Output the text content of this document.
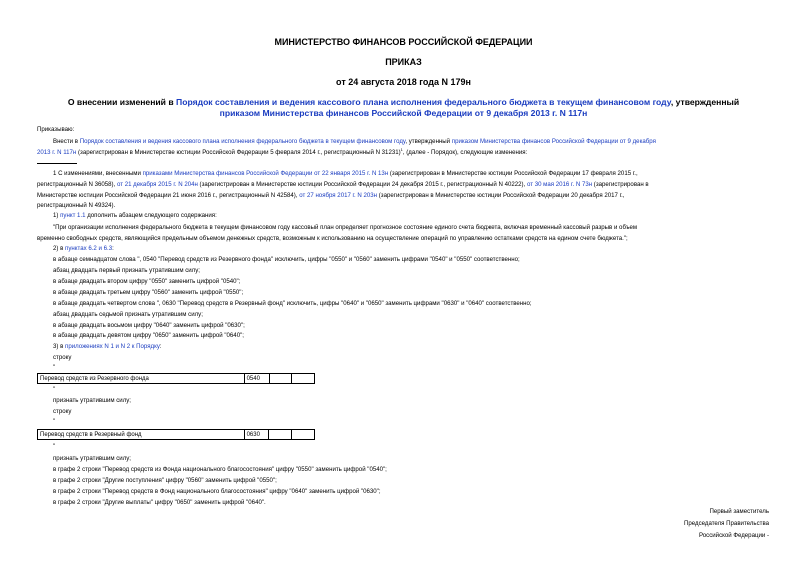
МИНИСТЕРСТВО ФИНАНСОВ РОССИЙСКОЙ ФЕДЕРАЦИИ
ПРИКАЗ
от 24 августа 2018 года N 179н
О внесении изменений в Порядок составления и ведения кассового плана исполнения федерального бюджета в текущем финансовом году, утвержденный
приказом Министерства финансов Российской Федерации от 9 декабря 2013 г. N 117н
Приказываю:
Внести в Порядок составления и ведения кассового плана исполнения федерального бюджета в текущем финансовом году, утвержденный приказом Министерства финансов Российской Федерации от 9 декабря
2013 г. N 117н (зарегистрирован в Министерстве юстиции Российской Федерации 5 февраля 2014 г., регистрационный N 31231)$^1$, (далее - Порядок), следующие изменения:
1 С изменениями, внесенными приказами Министерства финансов Российской Федерации от 22 января 2015 г. N 13н (зарегистрирован в Министерстве юстиции Российской Федерации 17 февраля 2015 г.,
регистрационный N 36058), от 21 декабря 2015 г. N 204н (зарегистрирован в Министерстве юстиции Российской Федерации 24 декабря 2015 г., регистрационный N 40222), от 30 мая 2016 г. N 73н (зарегистрирован в
Министерстве юстиции Российской Федерации 21 июня 2016 г., регистрационный N 42584), от 27 ноября 2017 г. N 203н (зарегистрирован в Министерстве юстиции Российской Федерации 20 декабря 2017 г.,
регистрационный N 49324).
1) пункт 1.1 дополнить абзацем следующего содержания:
"При организации исполнения федерального бюджета в текущем финансовом году кассовый план определяет прогнозное состояние единого счета бюджета, включая временный кассовый разрыв и объем
временно свободных средств, являющийся предельным объемом денежных средств, возможным к использованию на осуществление операций по управлению остатками средств на едином счете бюджета.";
2) в пунктах 6.2 и 6.3:
в абзаце семнадцатом слова ", 0540 "Перевод средств из Резервного фонда" исключить, цифры "0550" и "0560" заменить цифрами "0540" и "0550" соответственно;
абзац двадцать первый признать утратившим силу;
в абзаце двадцать втором цифру "0550" заменить цифрой "0540";
в абзаце двадцать третьем цифру "0560" заменить цифрой "0550";
в абзаце двадцать четвертом слова ", 0630 "Перевод средств в Резервный фонд" исключить, цифры "0640" и "0650" заменить цифрами "0630" и "0640" соответственно;
абзац двадцать седьмой признать утратившим силу;
в абзаце двадцать восьмом цифру "0640" заменить цифрой "0630";
в абзаце двадцать девятом цифру "0650" заменить цифрой "0640";
3) в приложениях N 1 и N 2 к Порядку:
строку
"
Перевод средств из Резервного фонда	0540		
"
признать утратившим силу;
строку
"
Перевод средств в Резервный фонд	0630		
"
признать утратившим силу;
в графе 2 строки "Перевод средств из Фонда национального благосостояния" цифру "0550" заменить цифрой "0540";
в графе 2 строки "Другие поступления" цифру "0560" заменить цифрой "0550";
в графе 2 строки "Перевод средств в Фонд национального благосостояния" цифру "0640" заменить цифрой "0630";
в графе 2 строки "Другие выплаты" цифру "0650" заменить цифрой "0640".
Первый заместитель
Председателя Правительства
Российской Федерации -
